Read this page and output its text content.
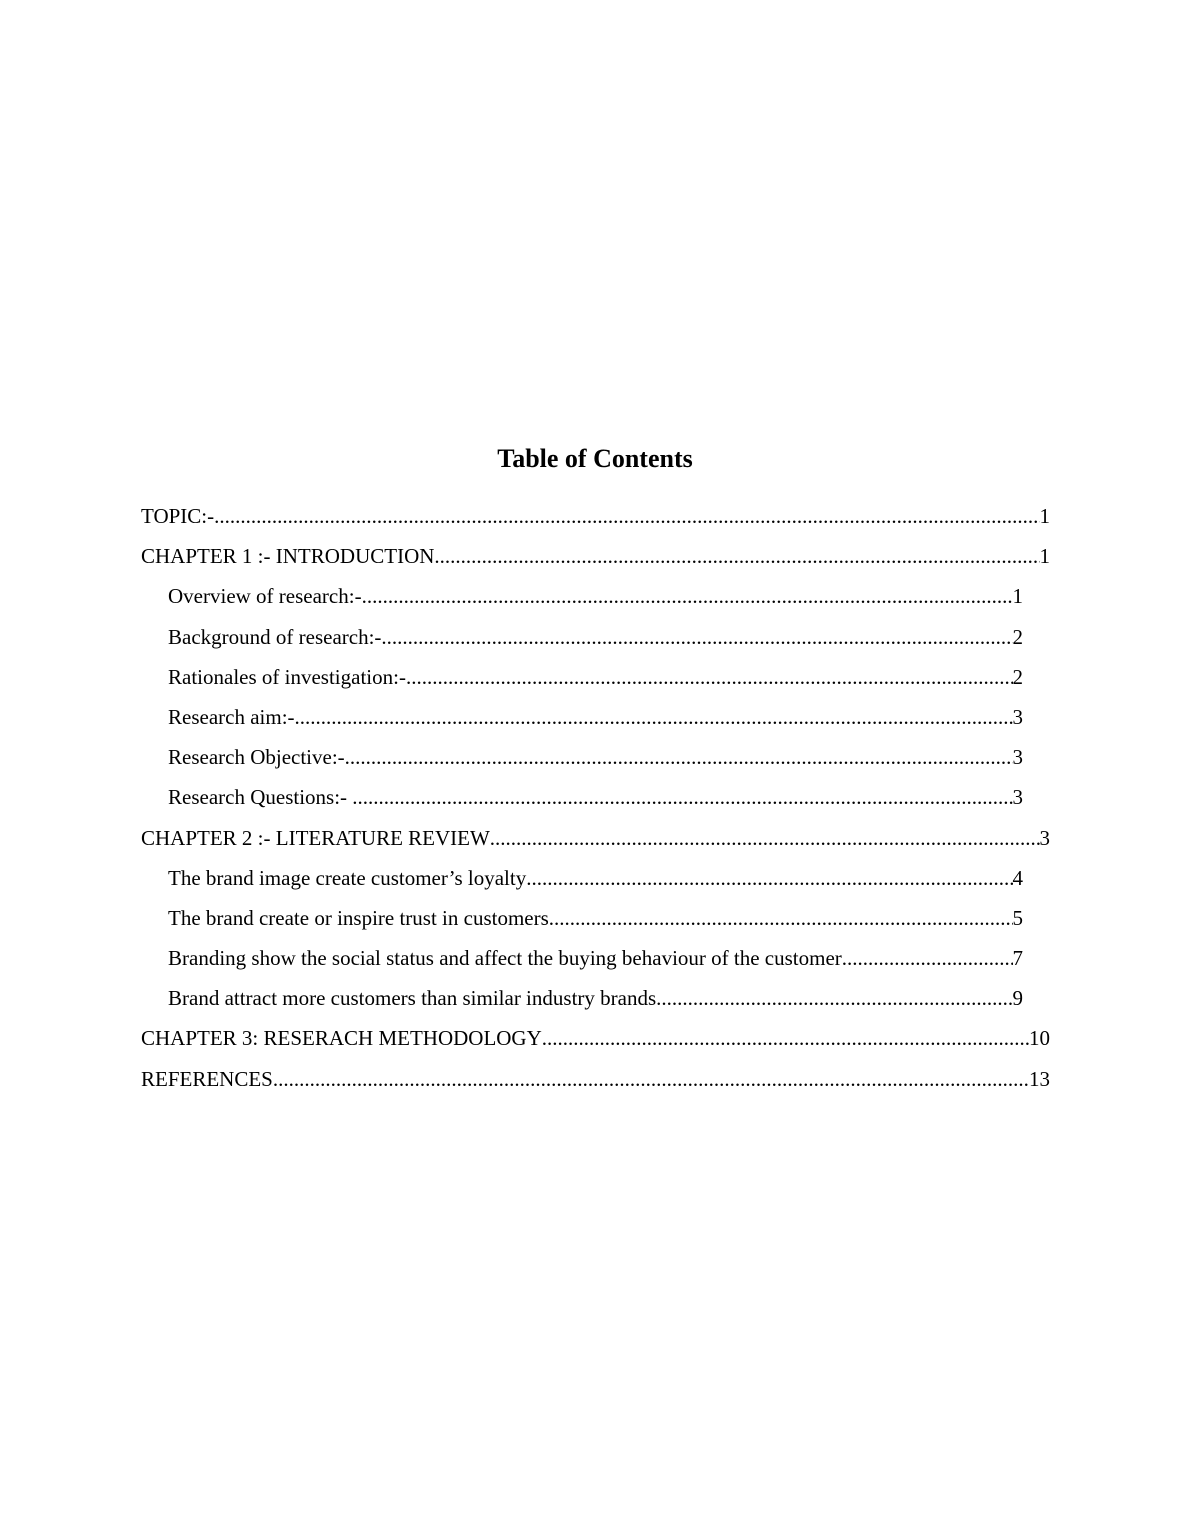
Table of Contents
TOPIC:- .....	1
CHAPTER 1 :- INTRODUCTION .....	1
Overview of research:- .....	1
Background of research:- .....	2
Rationales of investigation:- .....	2
Research aim:- .....	3
Research Objective:- .....	3
Research Questions:- .....	3
CHAPTER 2 :- LITERATURE REVIEW .....	3
The brand image create customer’s loyalty .....	4
The brand create or inspire trust in customers .....	5
Branding show the social status and affect the buying behaviour of the customer .....	7
Brand attract more customers than similar industry brands .....	9
CHAPTER 3: RESERACH METHODOLOGY .....	10
REFERENCES .....	13
